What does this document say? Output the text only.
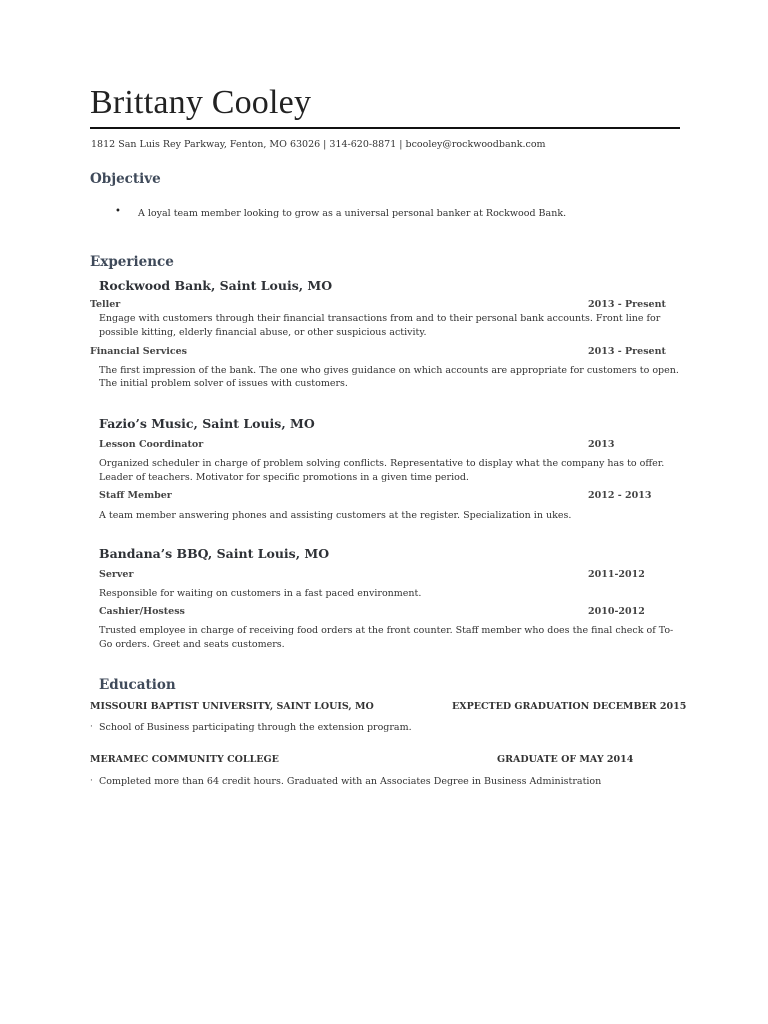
Brittany Cooley
1812 San Luis Rey Parkway, Fenton, MO 63026 | 314-620-8871 | bcooley@rockwoodbank.com
Objective
• A loyal team member looking to grow as a universal personal banker at Rockwood Bank.
Experience
Rockwood Bank, Saint Louis, MO
Teller	2013 - Present
Engage with customers through their financial transactions from and to their personal bank accounts. Front line for
possible kitting, elderly financial abuse, or other suspicious activity.
Financial Services	2013 - Present
The first impression of the bank. The one who gives guidance on which accounts are appropriate for customers to open.
The initial problem solver of issues with customers.
Fazio’s Music, Saint Louis, MO
Lesson Coordinator	2013
Organized scheduler in charge of problem solving conflicts. Representative to display what the company has to offer.
Leader of teachers. Motivator for specific promotions in a given time period.
Staff Member	2012 - 2013
A team member answering phones and assisting customers at the register. Specialization in ukes.
Bandana’s BBQ, Saint Louis, MO
Server	2011-2012
Responsible for waiting on customers in a fast paced environment.
Cashier/Hostess	2010-2012
Trusted employee in charge of receiving food orders at the front counter. Staff member who does the final check of To-
Go orders. Greet and seats customers.
Education
MISSOURI BAPTIST UNIVERSITY, SAINT LOUIS, MO	EXPECTED GRADUATION DECEMBER 2015
· School of Business participating through the extension program.
MERAMEC COMMUNITY COLLEGE	GRADUATE OF MAY 2014
· Completed more than 64 credit hours. Graduated with an Associates Degree in Business Administration
